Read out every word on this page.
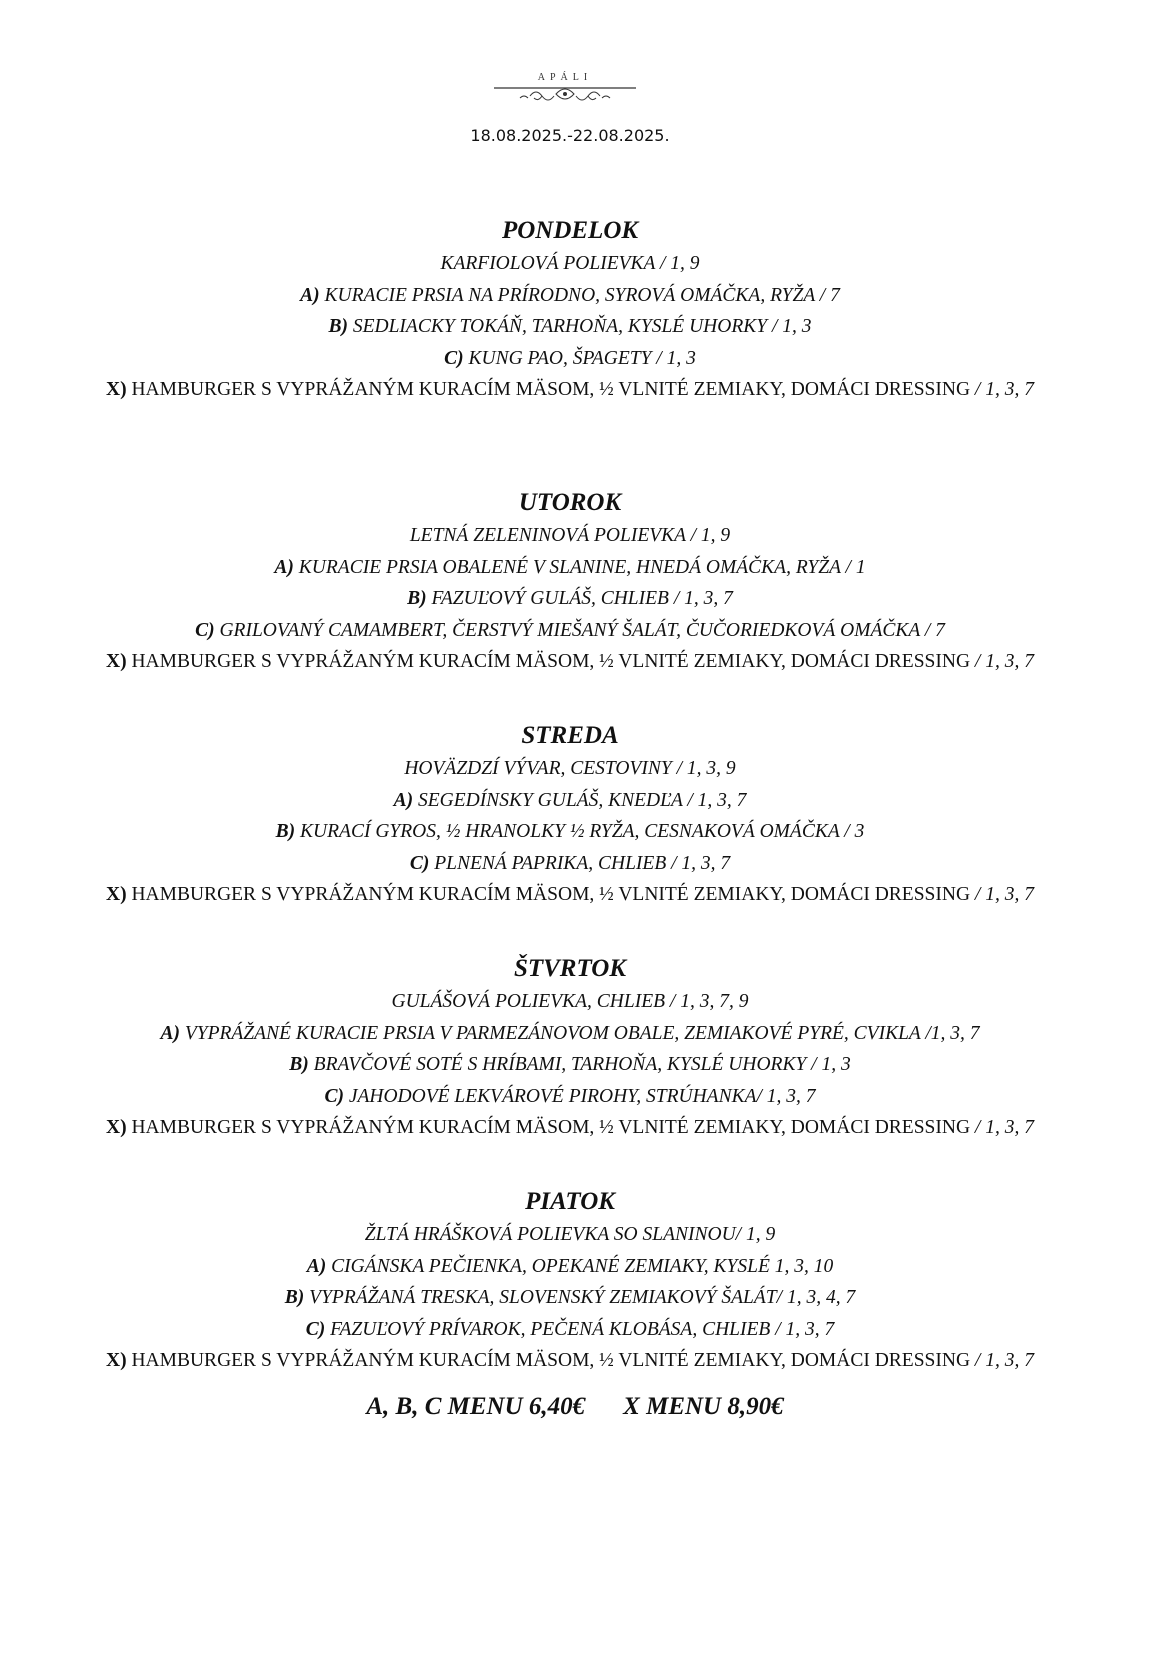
APÁLI
18.08.2025.-22.08.2025.
PONDELOK
KARFIOLOVÁ POLIEVKA / 1, 9
A) KURACIE PRSIA NA PRÍRODNO, SYROVÁ OMÁČKA, RYŽA / 7
B) SEDLIACKY TOKÁŇ, TARHOŇA, KYSLÉ UHORKY / 1, 3
C) KUNG PAO, ŠPAGETY / 1, 3
X) HAMBURGER S VYPRÁŽANÝM KURACÍM MÄSOM, ½ VLNITÉ ZEMIAKY, DOMÁCI DRESSING / 1, 3, 7
UTOROK
LETNÁ ZELENINOVÁ POLIEVKA / 1, 9
A) KURACIE PRSIA OBALENÉ V SLANINE, HNEDÁ OMÁČKA, RYŽA / 1
B) FAZUĽOVÝ GULÁŠ, CHLIEB / 1, 3, 7
C) GRILOVANÝ CAMAMBERT, ČERSTVÝ MIEŠANÝ ŠALÁT, ČUČORIEDKOVÁ OMÁČKA / 7
X) HAMBURGER S VYPRÁŽANÝM KURACÍM MÄSOM, ½ VLNITÉ ZEMIAKY, DOMÁCI DRESSING / 1, 3, 7
STREDA
HOVÄZDZÍ VÝVAR, CESTOVINY / 1, 3, 9
A) SEGEDÍNSKY GULÁŠ, KNEDĽA / 1, 3, 7
B) KURACÍ GYROS, ½ HRANOLKY ½ RYŽA, CESNAKOVÁ OMÁČKA / 3
C) PLNENÁ PAPRIKA, CHLIEB / 1, 3, 7
X) HAMBURGER S VYPRÁŽANÝM KURACÍM MÄSOM, ½ VLNITÉ ZEMIAKY, DOMÁCI DRESSING / 1, 3, 7
ŠTVRTOK
GULÁŠOVÁ POLIEVKA, CHLIEB / 1, 3, 7, 9
A) VYPRÁŽANÉ KURACIE PRSIA V PARMEZÁNOVOM OBALE, ZEMIAKOVÉ PYRÉ, CVIKLA /1, 3, 7
B) BRAVČOVÉ SOTÉ S HRÍBAMI, TARHOŇA, KYSLÉ UHORKY / 1, 3
C) JAHODOVÉ LEKVÁROVÉ PIROHY, STRÚHANKA/ 1, 3, 7
X) HAMBURGER S VYPRÁŽANÝM KURACÍM MÄSOM, ½ VLNITÉ ZEMIAKY, DOMÁCI DRESSING / 1, 3, 7
PIATOK
ŽLTÁ HRÁŠKOVÁ POLIEVKA SO SLANINOU/ 1, 9
A) CIGÁNSKA PEČIENKA, OPEKANÉ ZEMIAKY, KYSLÉ 1, 3, 10
B) VYPRÁŽANÁ TRESKA, SLOVENSKÝ ZEMIAKOVÝ ŠALÁT/ 1, 3, 4, 7
C) FAZUĽOVÝ PRÍVAROK, PEČENÁ KLOBÁSA, CHLIEB / 1, 3, 7
X) HAMBURGER S VYPRÁŽANÝM KURACÍM MÄSOM, ½ VLNITÉ ZEMIAKY, DOMÁCI DRESSING / 1, 3, 7
A, B, C MENU 6,40€ X MENU 8,90€
